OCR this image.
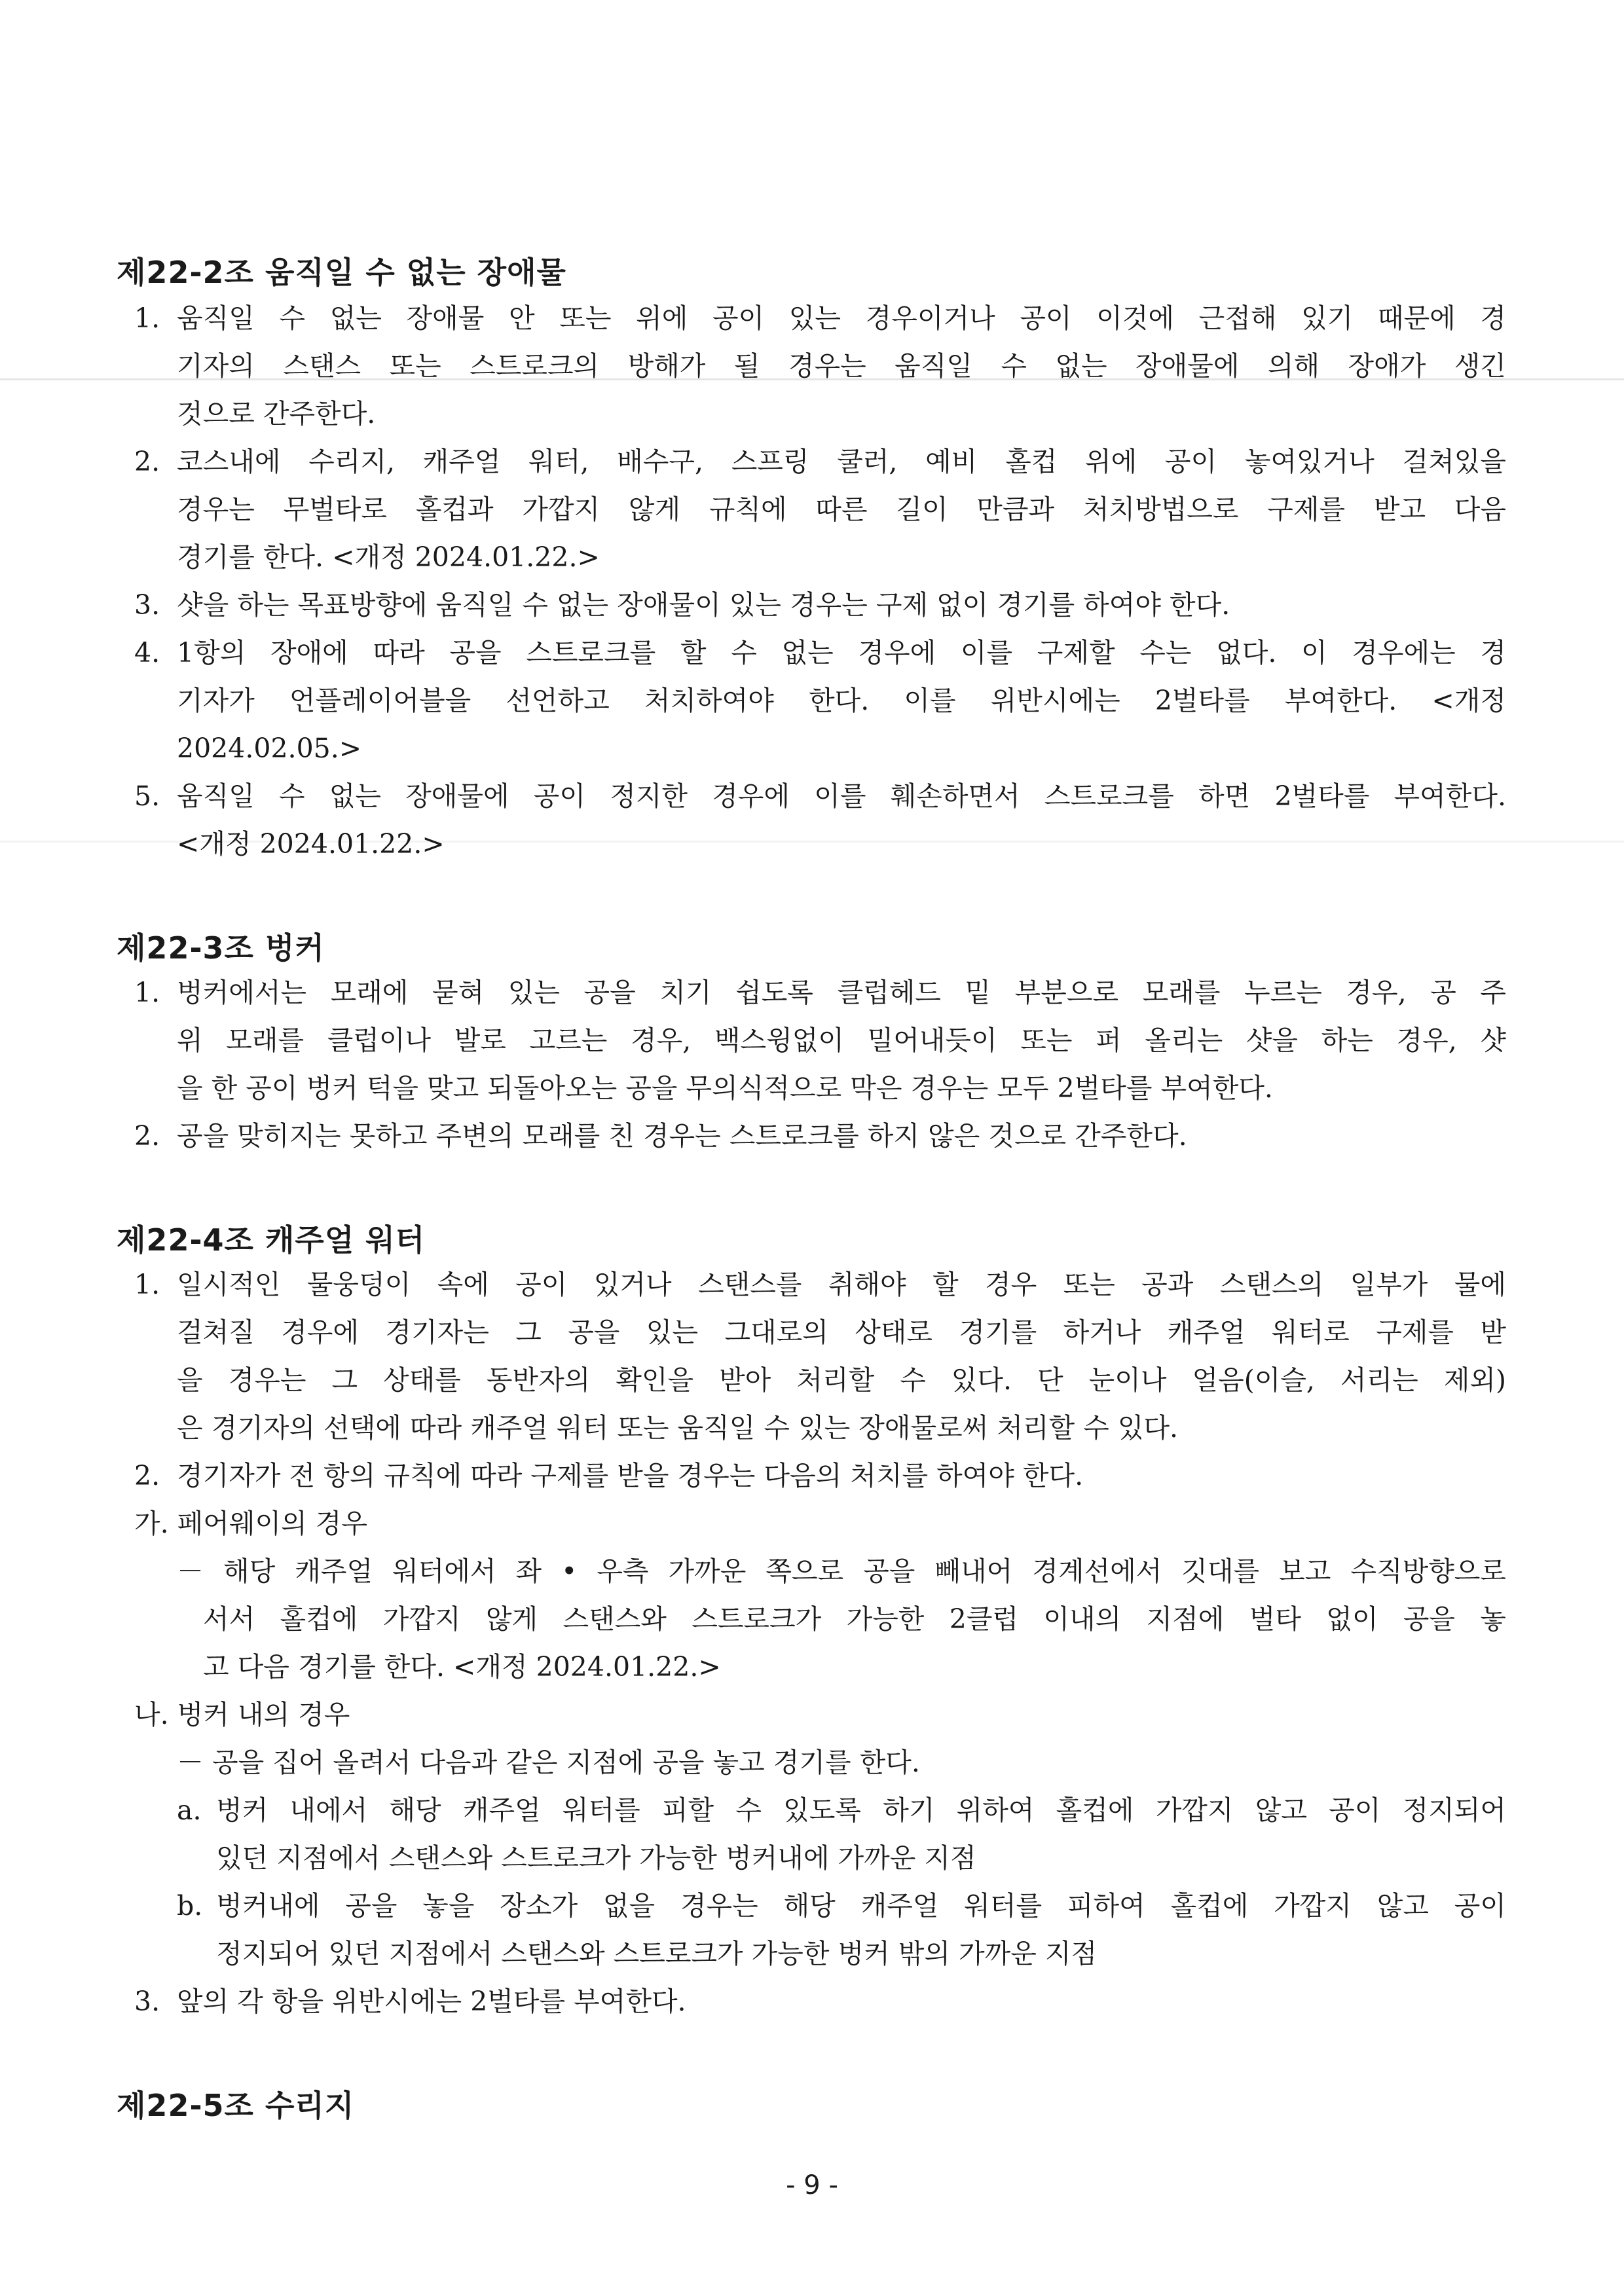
제22-2조 움직일 수 없는 장애물
1. 움직일 수 없는 장애물 안 또는 위에 공이 있는 경우이거나 공이 이것에 근접해 있기 때문에 경
기자의 스탠스 또는 스트로크의 방해가 될 경우는 움직일 수 없는 장애물에 의해 장애가 생긴
것으로 간주한다.
2. 코스내에 수리지, 캐주얼 워터, 배수구, 스프링 쿨러, 예비 홀컵 위에 공이 놓여있거나 걸쳐있을
경우는 무벌타로 홀컵과 가깝지 않게 규칙에 따른 길이 만큼과 처치방법으로 구제를 받고 다음
경기를 한다. <개정 2024.01.22.>
3. 샷을 하는 목표방향에 움직일 수 없는 장애물이 있는 경우는 구제 없이 경기를 하여야 한다.
4. 1항의 장애에 따라 공을 스트로크를 할 수 없는 경우에 이를 구제할 수는 없다. 이 경우에는 경
기자가 언플레이어블을 선언하고 처치하여야 한다. 이를 위반시에는 2벌타를 부여한다. <개정
2024.02.05.>
5. 움직일 수 없는 장애물에 공이 정지한 경우에 이를 훼손하면서 스트로크를 하면 2벌타를 부여한다.
<개정 2024.01.22.>
제22-3조 벙커
1. 벙커에서는 모래에 묻혀 있는 공을 치기 쉽도록 클럽헤드 밑 부분으로 모래를 누르는 경우, 공 주
위 모래를 클럽이나 발로 고르는 경우, 백스윙없이 밀어내듯이 또는 퍼 올리는 샷을 하는 경우, 샷
을 한 공이 벙커 턱을 맞고 되돌아오는 공을 무의식적으로 막은 경우는 모두 2벌타를 부여한다.
2. 공을 맞히지는 못하고 주변의 모래를 친 경우는 스트로크를 하지 않은 것으로 간주한다.
제22-4조 캐주얼 워터
1. 일시적인 물웅덩이 속에 공이 있거나 스탠스를 취해야 할 경우 또는 공과 스탠스의 일부가 물에
걸쳐질 경우에 경기자는 그 공을 있는 그대로의 상태로 경기를 하거나 캐주얼 워터로 구제를 받
을 경우는 그 상태를 동반자의 확인을 받아 처리할 수 있다. 단 눈이나 얼음(이슬, 서리는 제외)
은 경기자의 선택에 따라 캐주얼 워터 또는 움직일 수 있는 장애물로써 처리할 수 있다.
2. 경기자가 전 항의 규칙에 따라 구제를 받을 경우는 다음의 처치를 하여야 한다.
가. 페어웨이의 경우
－ 해당 캐주얼 워터에서 좌 • 우측 가까운 쪽으로 공을 빼내어 경계선에서 깃대를 보고 수직방향으로
서서 홀컵에 가깝지 않게 스탠스와 스트로크가 가능한 2클럽 이내의 지점에 벌타 없이 공을 놓
고 다음 경기를 한다. <개정 2024.01.22.>
나. 벙커 내의 경우
－ 공을 집어 올려서 다음과 같은 지점에 공을 놓고 경기를 한다.
a. 벙커 내에서 해당 캐주얼 워터를 피할 수 있도록 하기 위하여 홀컵에 가깝지 않고 공이 정지되어
있던 지점에서 스탠스와 스트로크가 가능한 벙커내에 가까운 지점
b. 벙커내에 공을 놓을 장소가 없을 경우는 해당 캐주얼 워터를 피하여 홀컵에 가깝지 않고 공이
정지되어 있던 지점에서 스탠스와 스트로크가 가능한 벙커 밖의 가까운 지점
3. 앞의 각 항을 위반시에는 2벌타를 부여한다.
제22-5조 수리지
- 9 -
